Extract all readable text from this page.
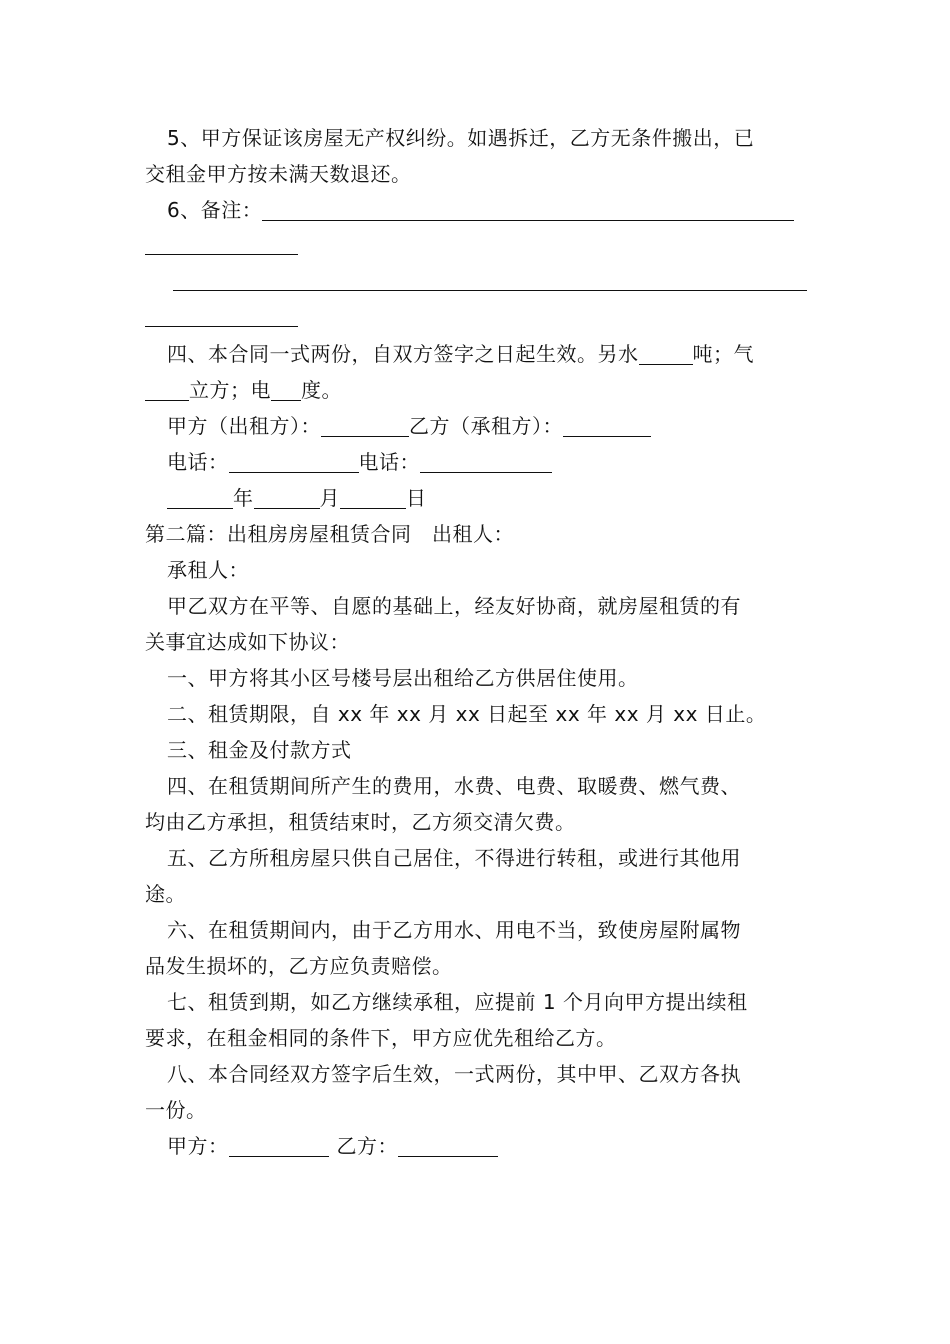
5、甲方保证该房屋无产权纠纷。如遇拆迁，乙方无条件搬出，已

交租金甲方按未满天数退还。

6、备注：

四、本合同一式两份，自双方签字之日起生效。另水	吨；气

立方；电 度。

甲方（出租方）：	乙方（承租方）：

电话：	电话：

年	月	日

第二篇：出租房房屋租赁合同　出租人：

承租人：

甲乙双方在平等、自愿的基础上，经友好协商，就房屋租赁的有

关事宜达成如下协议：

一、甲方将其小区号楼号层出租给乙方供居住使用。

二、租赁期限，自 xx 年 xx 月 xx 日起至 xx 年 xx 月 xx 日止。

三、租金及付款方式

四、在租赁期间所产生的费用，水费、电费、取暖费、燃气费、

均由乙方承担，租赁结束时，乙方须交清欠费。

五、乙方所租房屋只供自己居住，不得进行转租，或进行其他用

途。

六、在租赁期间内，由于乙方用水、用电不当，致使房屋附属物

品发生损坏的，乙方应负责赔偿。

七、租赁到期，如乙方继续承租，应提前 1 个月向甲方提出续租

要求，在租金相同的条件下，甲方应优先租给乙方。

八、本合同经双方签字后生效，一式两份，其中甲、乙双方各执

一份。

甲方：	乙方：
